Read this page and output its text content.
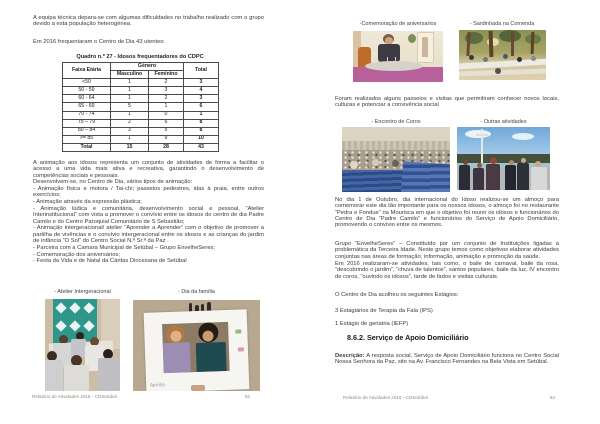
A equipa técnica depara-se com algumas dificuldades no trabalho realizado com o grupo devido a esta população heterogénea.
Em 2016 frequentaram o Centro de Dia 43 utentes:
Quadro n.º 27 - Idosos frequentadores do CDPC
Faixa Etária	Género		Total
	Masculino	Feminino	
<50	1	2	3
50 - 59	1	3	4
60 - 64	1	2	3
65 - 69	5	1	6
70 - 74	1	0	1
75 – 79	2	6	8
80 – 84	3	5	8
>= 85	1	9	10
Total	15	28	43
A animação aos idosos representa um conjunto de atividades de forma a facilitar o acesso a uma vida mais ativa e recreativa, garantindo o desenvolvimento de competências sociais e pessoais.
Desenvolvem-se, no Centro de Dia, vários tipos de animação:
- Animação física e motora / Tai-chi; passeios pedestres, idas à praia, entre outros exercícios;
- Animação através da expressão plástica;
- Animação lúdica e comunitária, desenvolvimento social e pessoal, “Atelier Interinstitucional” com vista a promover o convívio entre os idosos do centro de dia Padre Camilo e do Centro Paroquial Comunitário de S Sebastião;
- Animação intergeracional/ atelier “Aprender a Aprender” com o objetivo de promover a partilha de vivências e o convívio intergeracional entre os idosos e as crianças do jardim de infância “O Sol” do Centro Social N.ª Sr.ª da Paz .
- Parceira com a Camara Municipal de Setúbal – Grupo EnvelheSeres;
- Comemoração dos aniversários;
- Festa da Vida e de Natal da Cáritas Diocesana de Setúbal
- Atelier Intergeracional	- Dia da família
família
Relatório de Atividades 2016 - CDSetúbal	52
-Comemoração de aniversarios	- Sardinhada na Comenda
Foram realizados alguns passeios e visitas que permitiram conhecer novos locais, culturas e potenciar a convivência social
- Encontro de Coros	- Outras atividades
No dia 1 de Outubro, dia internacional do Idoso realizou-se um almoço para comemorar este dia tão importante para os nossos idosos, o almoço foi no restaurante “Pedra e Fondue” na Mourisca em que o objetivo foi reunir os idosos e funcionários do Centro de Dia “Padre Camilo” e funcionários do Serviço de Apoio Domiciliário, promovendo o convívio entre os mesmos.
Grupo “EnvelheSeres” – Constituído por um conjunto de Instituições ligadas à problemática da Terceira Idade. Neste grupo temos como objetivos elaborar atividades conjuntas nas áreas de formação, informação, animação e promoção da saúde.
Em 2016 realizaram-se atividades, tais como, o baile de carnaval, baile da rosa, “descobrindo o jardim”, “chuva de talentos”, santos populares, baile da luz, IV encontro de coros, “ouvindo os idosos”, tarde de fados e visitas culturais.
O Centro de Dia acolheu os seguintes Estágios:
3 Estagiários de Terapia da Fala (IPS)
1 Estágio de geriatria (IEFP)
8.6.2. Serviço de Apoio Domiciliário
Descrição: A resposta social, Serviço de Apoio Domiciliário funciona no Centro Social Nossa Senhora da Paz, sito na Av. Francisco Fernandes na Bela Vista em Setúbal.
Relatório de Atividades 2016 - CDSetúbal	53
